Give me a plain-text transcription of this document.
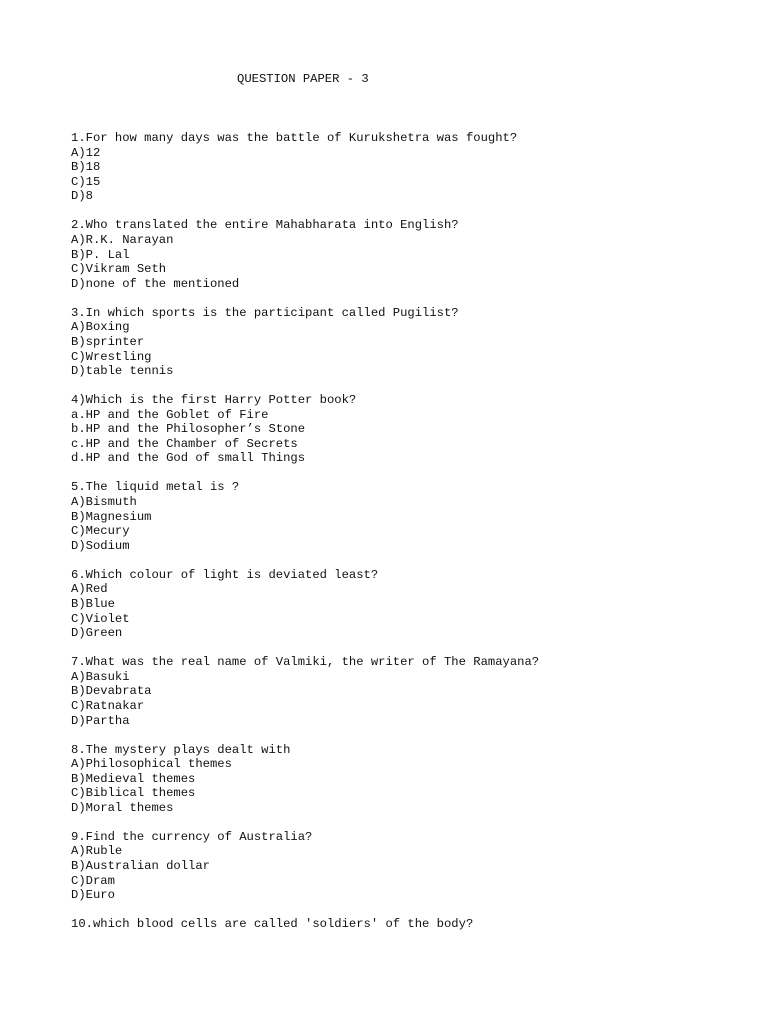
QUESTION PAPER - 3
1.For how many days was the battle of Kurukshetra was fought?
A)12
B)18
C)15
D)8
2.Who translated the entire Mahabharata into English?
A)R.K. Narayan
B)P. Lal
C)Vikram Seth
D)none of the mentioned
3.In which sports is the participant called Pugilist?
A)Boxing
B)sprinter
C)Wrestling
D)table tennis
4)Which is the first Harry Potter book?
a.HP and the Goblet of Fire
b.HP and the Philosopher’s Stone
c.HP and the Chamber of Secrets
d.HP and the God of small Things
5.The liquid metal is ?
A)Bismuth
B)Magnesium
C)Mecury
D)Sodium
6.Which colour of light is deviated least?
A)Red
B)Blue
C)Violet
D)Green
7.What was the real name of Valmiki, the writer of The Ramayana?
A)Basuki
B)Devabrata
C)Ratnakar
D)Partha
8.The mystery plays dealt with
A)Philosophical themes
B)Medieval themes
C)Biblical themes
D)Moral themes
9.Find the currency of Australia?
A)Ruble
B)Australian dollar
C)Dram
D)Euro
10.which blood cells are called 'soldiers' of the body?
